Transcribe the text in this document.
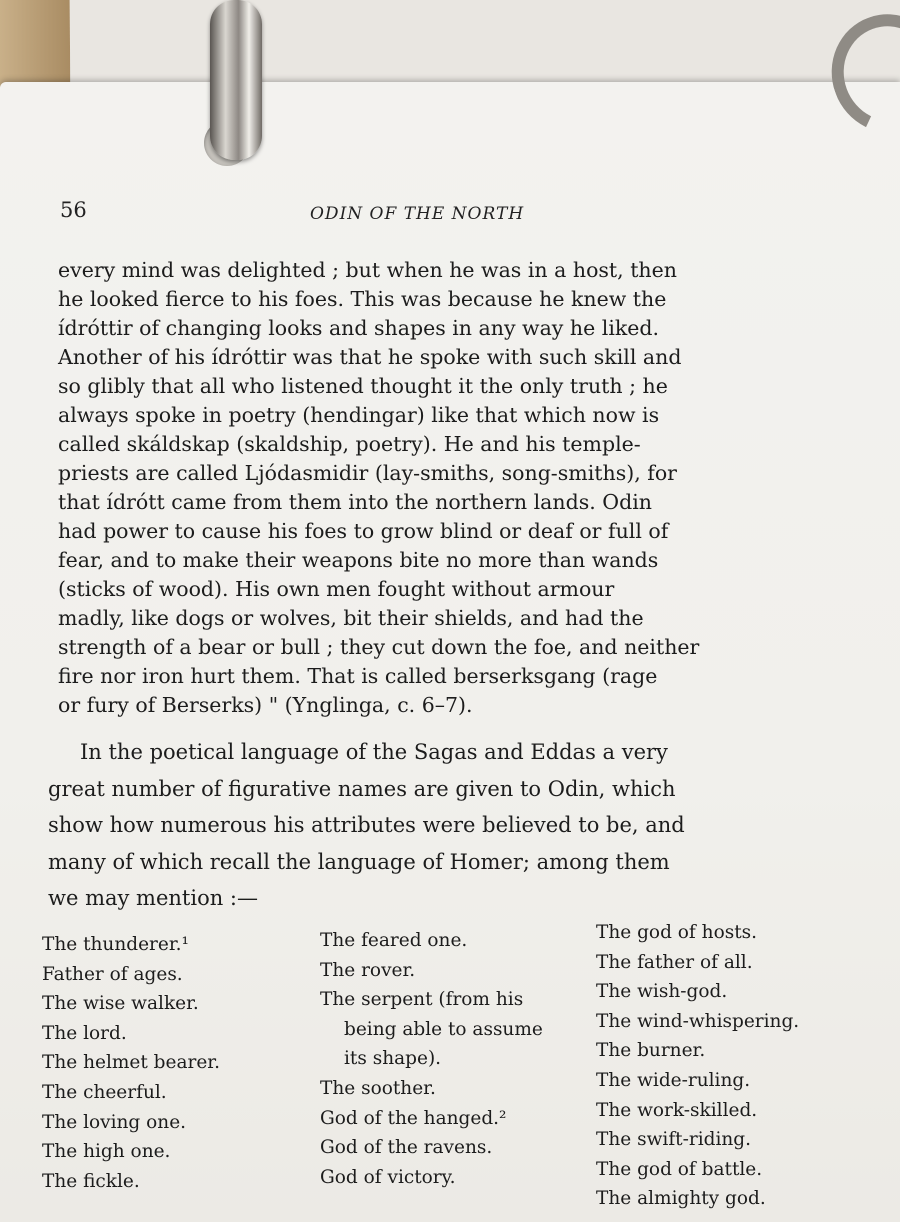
56	ODIN OF THE NORTH
every mind was delighted ; but when he was in a host, then
he looked fierce to his foes. This was because he knew the
ídróttir of changing looks and shapes in any way he liked.
Another of his ídróttir was that he spoke with such skill and
so glibly that all who listened thought it the only truth ; he
always spoke in poetry (hendingar) like that which now is
called skáldskap (skaldship, poetry). He and his temple-
priests are called Ljódasmidir (lay-smiths, song-smiths), for
that ídrótt came from them into the northern lands. Odin
had power to cause his foes to grow blind or deaf or full of
fear, and to make their weapons bite no more than wands
(sticks of wood). His own men fought without armour
madly, like dogs or wolves, bit their shields, and had the
strength of a bear or bull ; they cut down the foe, and neither
fire nor iron hurt them. That is called berserksgang (rage
or fury of Berserks) " (Ynglinga, c. 6–7).
In the poetical language of the Sagas and Eddas a very
great number of figurative names are given to Odin, which
show how numerous his attributes were believed to be, and
many of which recall the language of Homer; among them
we may mention :—
The thunderer.¹
Father of ages.
The wise walker.
The lord.
The helmet bearer.
The cheerful.
The loving one.
The high one.
The fickle.
The feared one.
The rover.
The serpent (from his
being able to assume
its shape).
The soother.
God of the hanged.²
God of the ravens.
God of victory.
The god of hosts.
The father of all.
The wish-god.
The wind-whispering.
The burner.
The wide-ruling.
The work-skilled.
The swift-riding.
The god of battle.
The almighty god.
